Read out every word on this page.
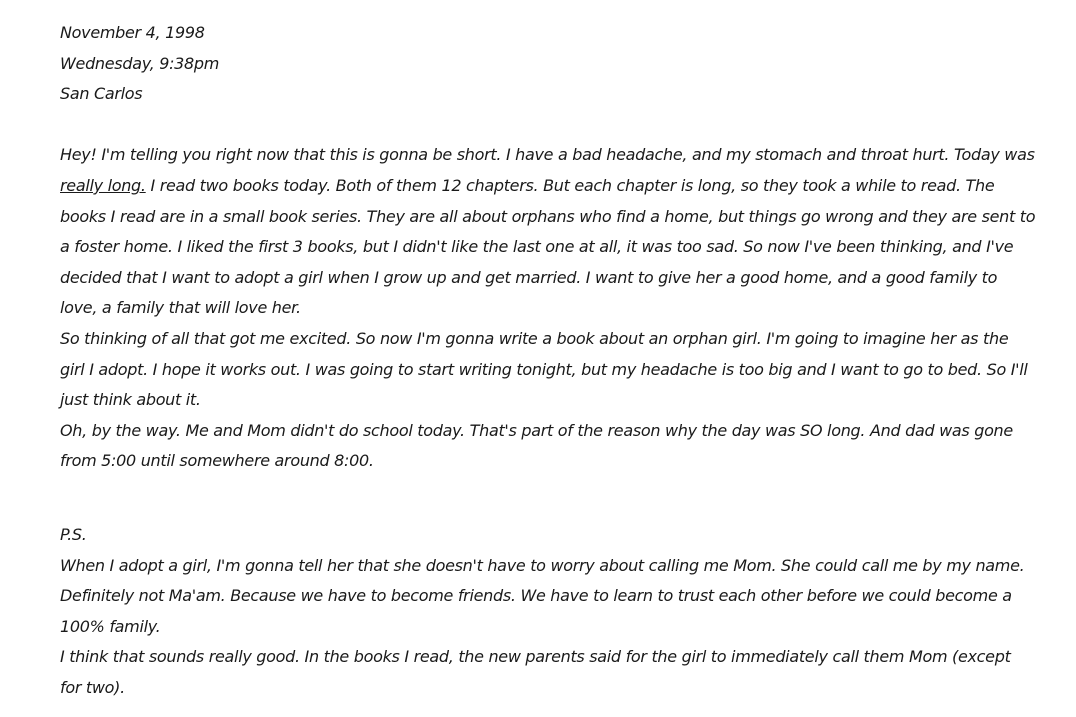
November 4, 1998
Wednesday, 9:38pm
San Carlos

Hey! I'm telling you right now that this is gonna be short. I have a bad headache, and my stomach and throat hurt. Today was really long. I read two books today. Both of them 12 chapters. But each chapter is long, so they took a while to read. The books I read are in a small book series. They are all about orphans who find a home, but things go wrong and they are sent to a foster home. I liked the first 3 books, but I didn't like the last one at all, it was too sad. So now I've been thinking, and I've decided that I want to adopt a girl when I grow up and get married. I want to give her a good home, and a good family to love, a family that will love her.

So thinking of all that got me excited. So now I'm gonna write a book about an orphan girl. I'm going to imagine her as the girl I adopt. I hope it works out. I was going to start writing tonight, but my headache is too big and I want to go to bed. So I'll just think about it.

Oh, by the way. Me and Mom didn't do school today. That's part of the reason why the day was SO long. And dad was gone from 5:00 until somewhere around 8:00.

P.S.

When I adopt a girl, I'm gonna tell her that she doesn't have to worry about calling me Mom. She could call me by my name. Definitely not Ma'am. Because we have to become friends. We have to learn to trust each other before we could become a 100% family.

I think that sounds really good. In the books I read, the new parents said for the girl to immediately call them Mom (except for two).
